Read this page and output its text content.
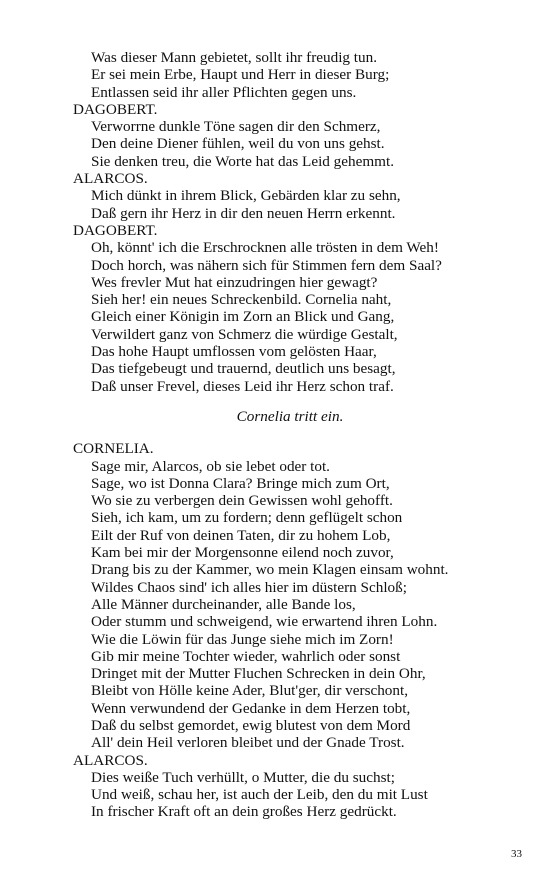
Was dieser Mann gebietet, sollt ihr freudig tun.
Er sei mein Erbe, Haupt und Herr in dieser Burg;
Entlassen seid ihr aller Pflichten gegen uns.
DAGOBERT.
Verworrne dunkle Töne sagen dir den Schmerz,
Den deine Diener fühlen, weil du von uns gehst.
Sie denken treu, die Worte hat das Leid gehemmt.
ALARCOS.
Mich dünkt in ihrem Blick, Gebärden klar zu sehn,
Daß gern ihr Herz in dir den neuen Herrn erkennt.
DAGOBERT.
Oh, könnt' ich die Erschrocknen alle trösten in dem Weh!
Doch horch, was nähern sich für Stimmen fern dem Saal?
Wes frevler Mut hat einzudringen hier gewagt?
Sieh her! ein neues Schreckenbild. Cornelia naht,
Gleich einer Königin im Zorn an Blick und Gang,
Verwildert ganz von Schmerz die würdige Gestalt,
Das hohe Haupt umflossen vom gelösten Haar,
Das tiefgebeugt und trauernd, deutlich uns besagt,
Daß unser Frevel, dieses Leid ihr Herz schon traf.
Cornelia tritt ein.
CORNELIA.
Sage mir, Alarcos, ob sie lebet oder tot.
Sage, wo ist Donna Clara? Bringe mich zum Ort,
Wo sie zu verbergen dein Gewissen wohl gehofft.
Sieh, ich kam, um zu fordern; denn geflügelt schon
Eilt der Ruf von deinen Taten, dir zu hohem Lob,
Kam bei mir der Morgensonne eilend noch zuvor,
Drang bis zu der Kammer, wo mein Klagen einsam wohnt.
Wildes Chaos sind' ich alles hier im düstern Schloß;
Alle Männer durcheinander, alle Bande los,
Oder stumm und schweigend, wie erwartend ihren Lohn.
Wie die Löwin für das Junge siehe mich im Zorn!
Gib mir meine Tochter wieder, wahrlich oder sonst
Dringet mit der Mutter Fluchen Schrecken in dein Ohr,
Bleibt von Hölle keine Ader, Blut'ger, dir verschont,
Wenn verwundend der Gedanke in dem Herzen tobt,
Daß du selbst gemordet, ewig blutest von dem Mord
All' dein Heil verloren bleibet und der Gnade Trost.
ALARCOS.
Dies weiße Tuch verhüllt, o Mutter, die du suchst;
Und weiß, schau her, ist auch der Leib, den du mit Lust
In frischer Kraft oft an dein großes Herz gedrückt.
33
